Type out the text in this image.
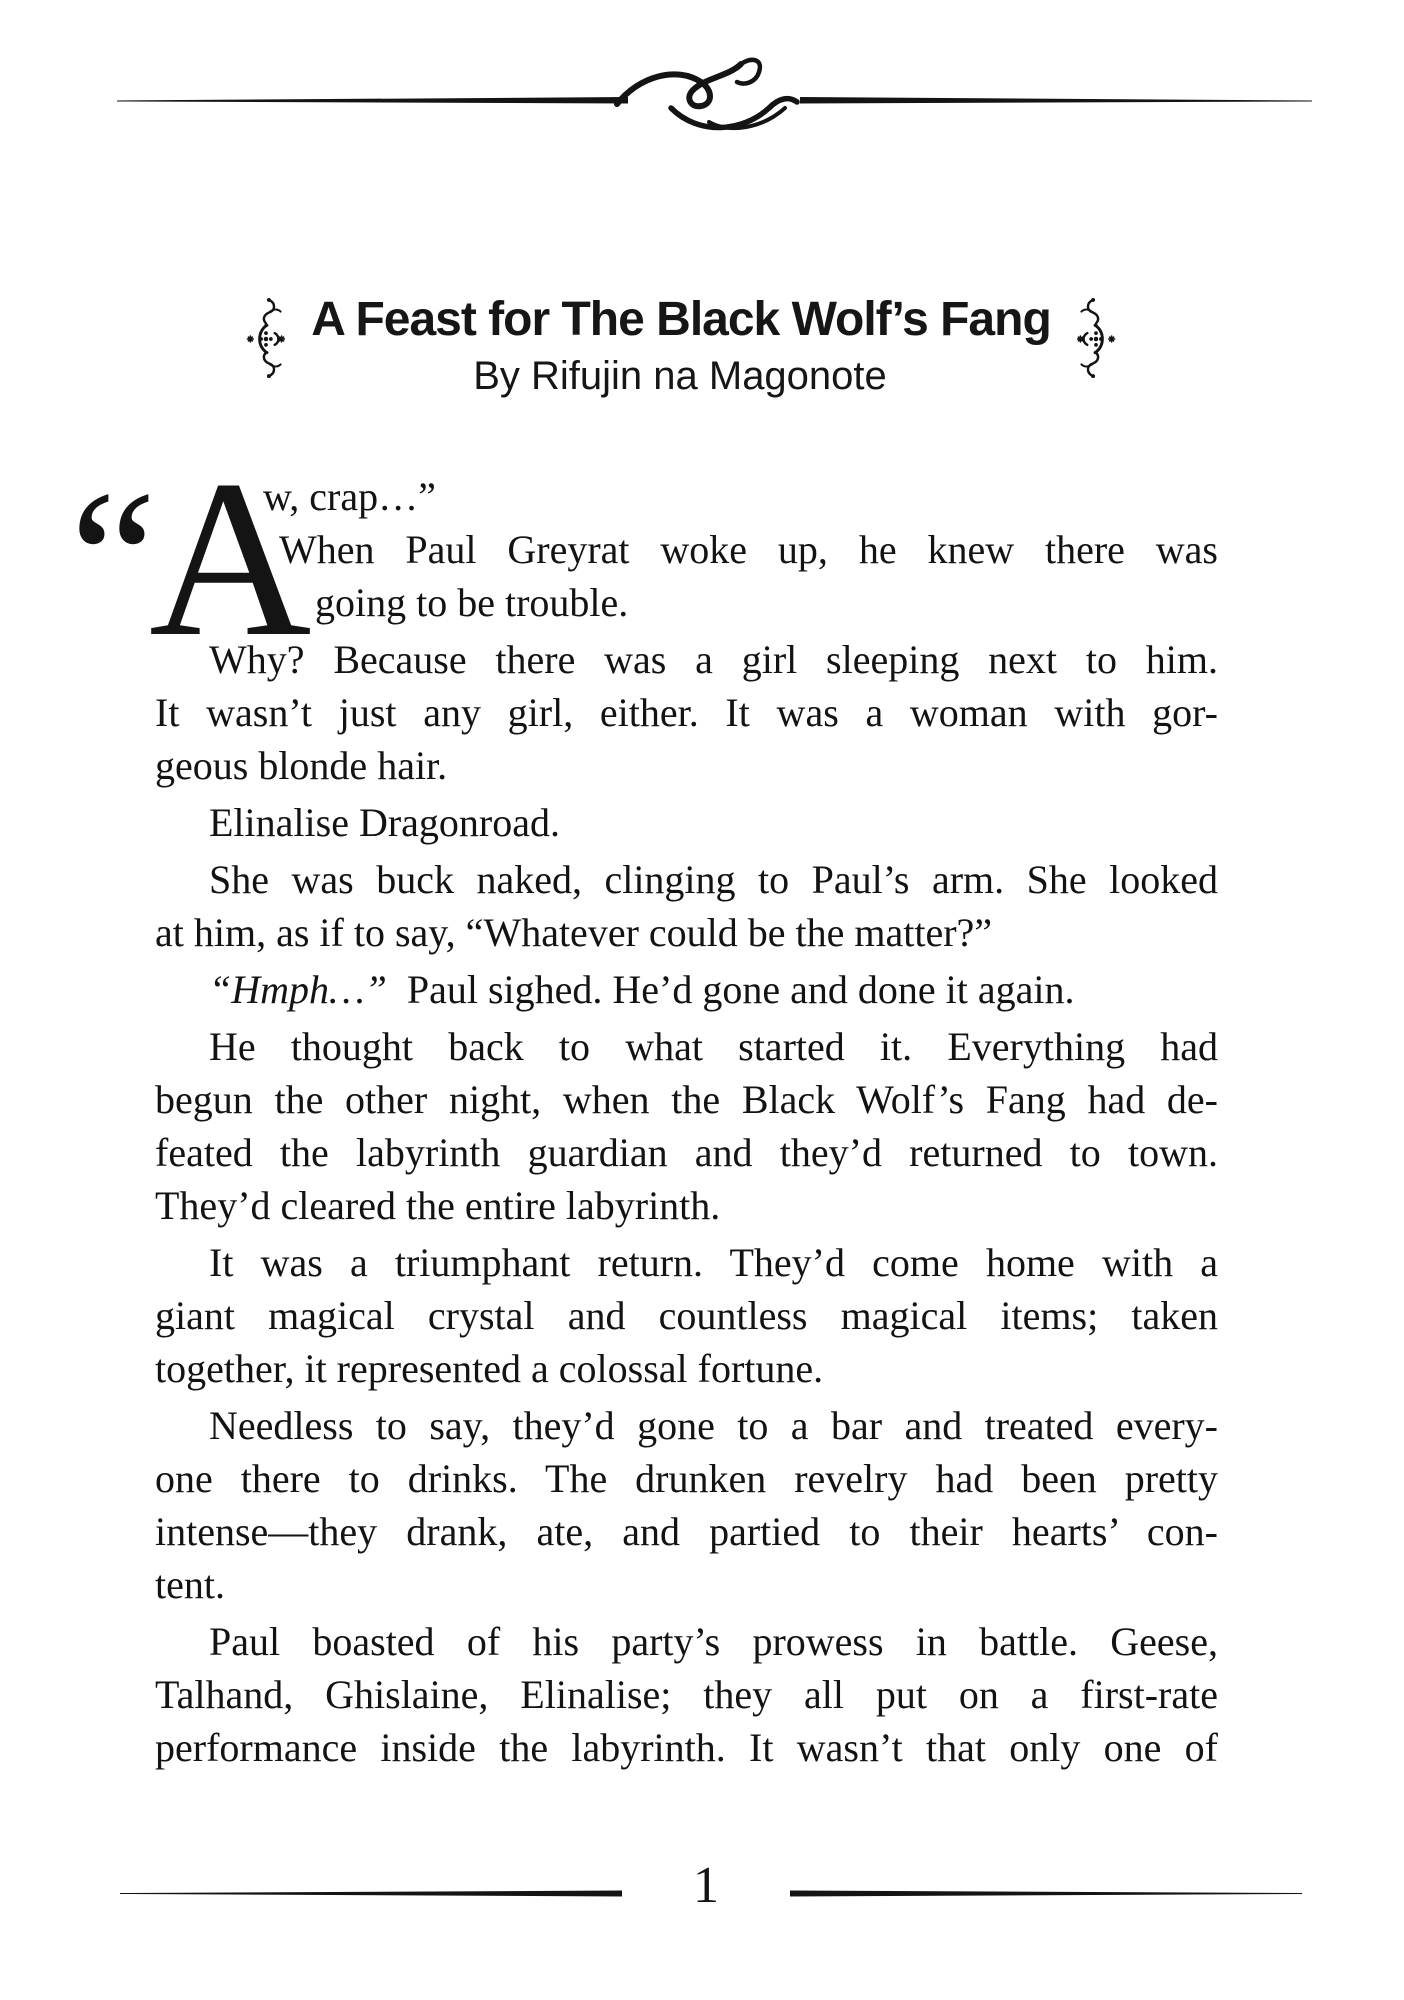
A Feast for The Black Wolf’s Fang
By Rifujin na Magonote
“
A
w, crap…”
When Paul Greyrat woke up, he knew there was
going to be trouble.
Why? Because there was a girl sleeping next to him.
It wasn’t just any girl, either. It was a woman with gor-
geous blonde hair.
Elinalise Dragonroad.
She was buck naked, clinging to Paul’s arm. She looked
at him, as if to say, “Whatever could be the matter?”
“Hmph…” Paul sighed. He’d gone and done it again.
He thought back to what started it. Everything had
begun the other night, when the Black Wolf’s Fang had de-
feated the labyrinth guardian and they’d returned to town.
They’d cleared the entire labyrinth.
It was a triumphant return. They’d come home with a
giant magical crystal and countless magical items; taken
together, it represented a colossal fortune.
Needless to say, they’d gone to a bar and treated every-
one there to drinks. The drunken revelry had been pretty
intense—they drank, ate, and partied to their hearts’ con-
tent.
Paul boasted of his party’s prowess in battle. Geese,
Talhand, Ghislaine, Elinalise; they all put on a first-rate
performance inside the labyrinth. It wasn’t that only one of
1
